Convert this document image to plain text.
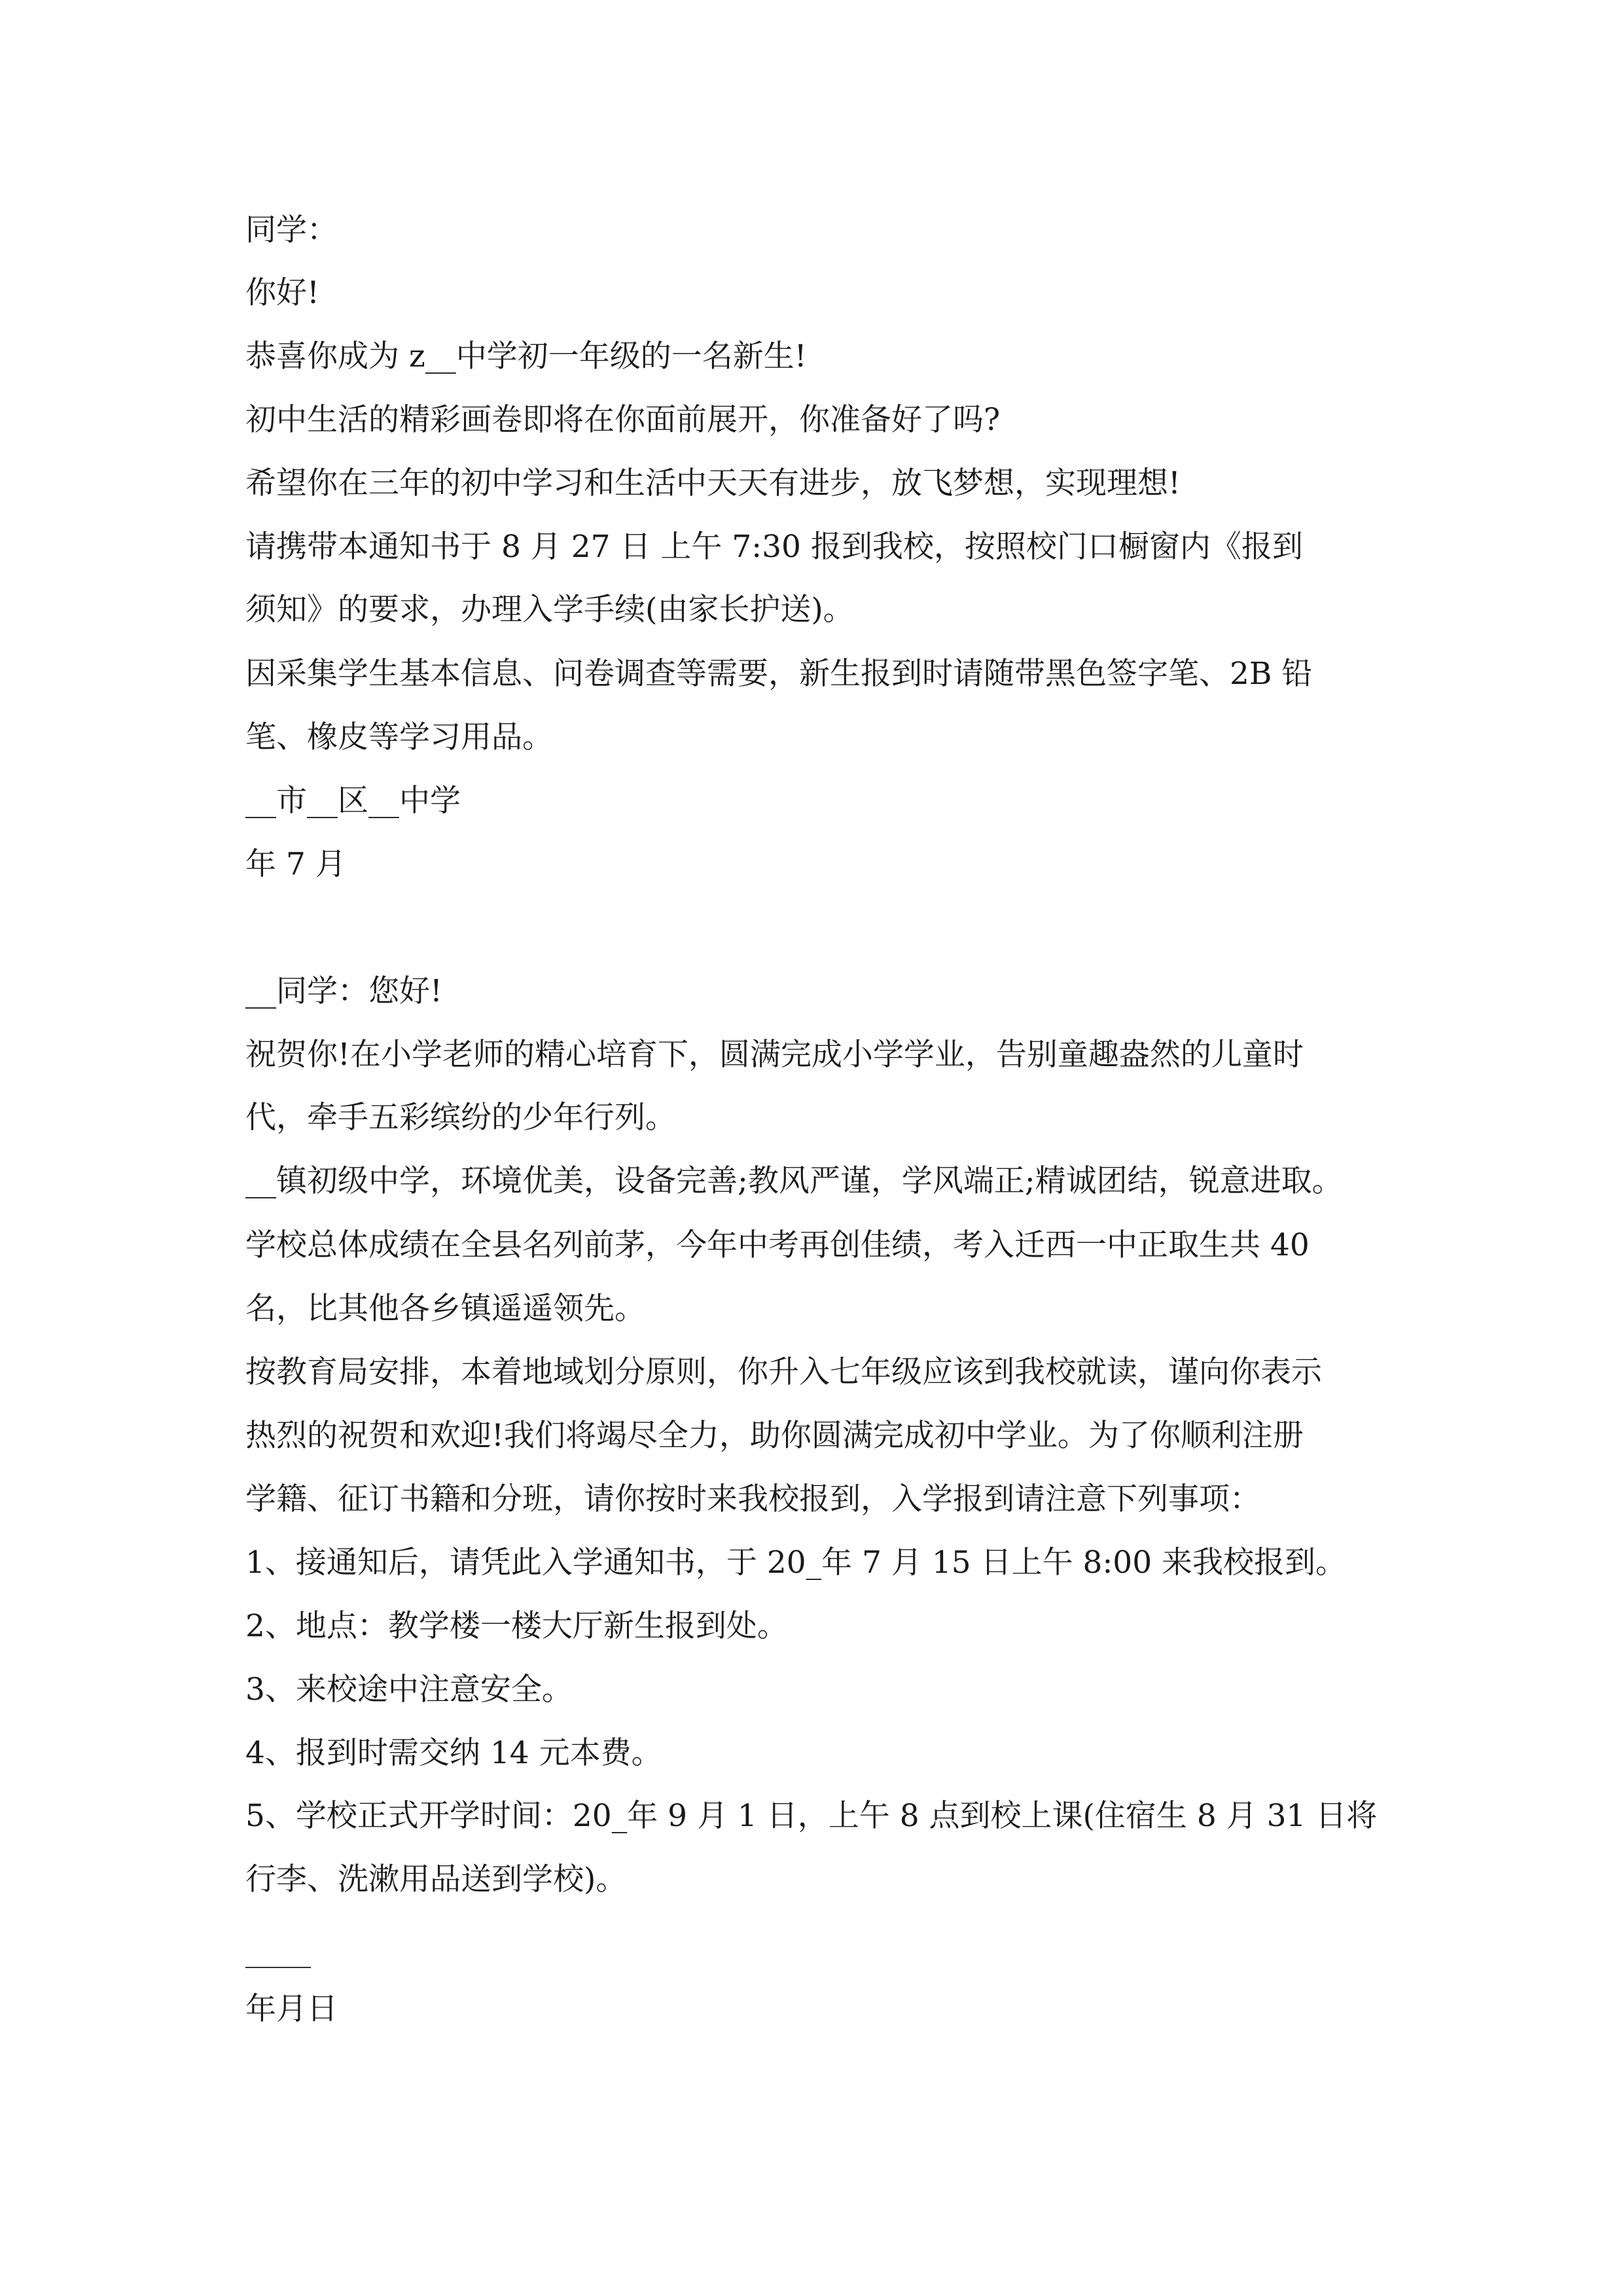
同学：
你好!
恭喜你成为 z__中学初一年级的一名新生!
初中生活的精彩画卷即将在你面前展开，你准备好了吗?
希望你在三年的初中学习和生活中天天有进步，放飞梦想，实现理想!
请携带本通知书于 8 月 27 日 上午 7:30 报到我校，按照校门口橱窗内《报到
须知》的要求，办理入学手续(由家长护送)。
因采集学生基本信息、问卷调查等需要，新生报到时请随带黑色签字笔、2B 铅
笔、橡皮等学习用品。
__市__区__中学
年 7 月
__同学：您好!
祝贺你!在小学老师的精心培育下，圆满完成小学学业，告别童趣盎然的儿童时
代，牵手五彩缤纷的少年行列。
__镇初级中学，环境优美，设备完善;教风严谨，学风端正;精诚团结，锐意进取。
学校总体成绩在全县名列前茅，今年中考再创佳绩，考入迁西一中正取生共 40
名，比其他各乡镇遥遥领先。
按教育局安排，本着地域划分原则，你升入七年级应该到我校就读，谨向你表示
热烈的祝贺和欢迎!我们将竭尽全力，助你圆满完成初中学业。为了你顺利注册
学籍、征订书籍和分班，请你按时来我校报到，入学报到请注意下列事项：
1、接通知后，请凭此入学通知书，于 20_年 7 月 15 日上午 8:00 来我校报到。
2、地点：教学楼一楼大厅新生报到处。
3、来校途中注意安全。
4、报到时需交纳 14 元本费。
5、学校正式开学时间：20_年 9 月 1 日，上午 8 点到校上课(住宿生 8 月 31 日将
行李、洗漱用品送到学校)。
年月日
